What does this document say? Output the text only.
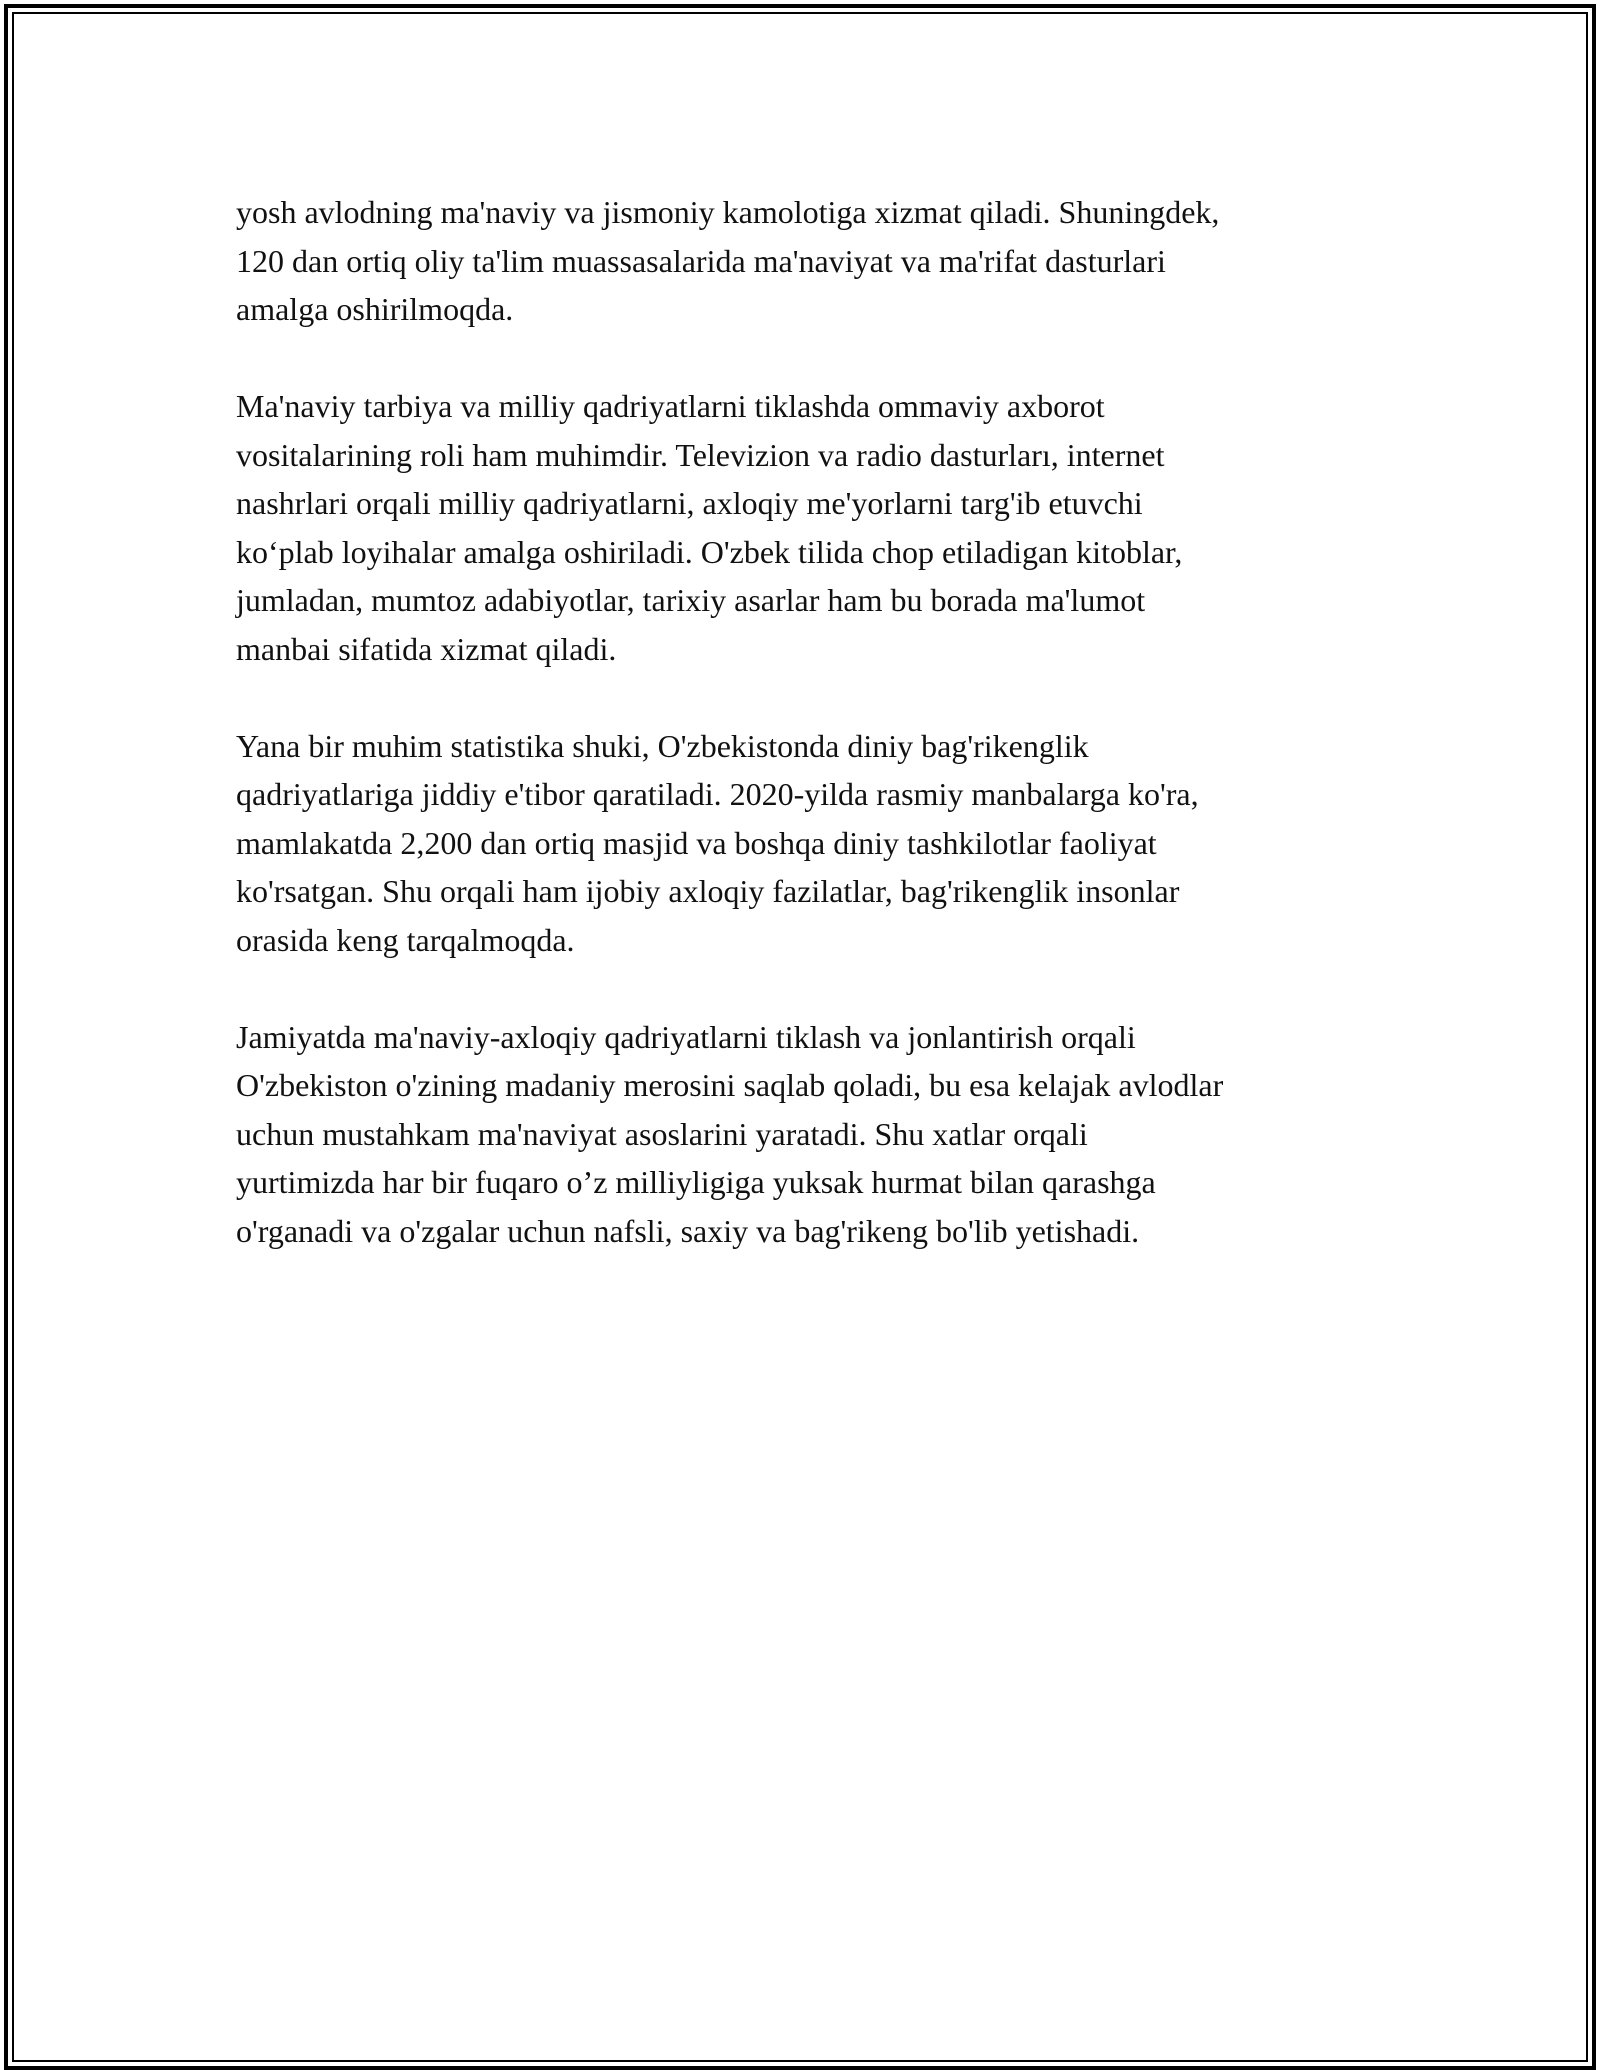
yosh avlodning ma'naviy va jismoniy kamolotiga xizmat qiladi. Shuningdek,
120 dan ortiq oliy ta'lim muassasalarida ma'naviyat va ma'rifat dasturlari
amalga oshirilmoqda.

Ma'naviy tarbiya va milliy qadriyatlarni tiklashda ommaviy axborot
vositalarining roli ham muhimdir. Televizion va radio dasturları, internet
nashrlari orqali milliy qadriyatlarni, axloqiy me'yorlarni targ'ib etuvchi
ko‘plab loyihalar amalga oshiriladi. O'zbek tilida chop etiladigan kitoblar,
jumladan, mumtoz adabiyotlar, tarixiy asarlar ham bu borada ma'lumot
manbai sifatida xizmat qiladi.

Yana bir muhim statistika shuki, O'zbekistonda diniy bag'rikenglik
qadriyatlariga jiddiy e'tibor qaratiladi. 2020-yilda rasmiy manbalarga ko'ra,
mamlakatda 2,200 dan ortiq masjid va boshqa diniy tashkilotlar faoliyat
ko'rsatgan. Shu orqali ham ijobiy axloqiy fazilatlar, bag'rikenglik insonlar
orasida keng tarqalmoqda.

Jamiyatda ma'naviy-axloqiy qadriyatlarni tiklash va jonlantirish orqali
O'zbekiston o'zining madaniy merosini saqlab qoladi, bu esa kelajak avlodlar
uchun mustahkam ma'naviyat asoslarini yaratadi. Shu xatlar orqali
yurtimizda har bir fuqaro o’z milliyligiga yuksak hurmat bilan qarashga
o'rganadi va o'zgalar uchun nafsli, saxiy va bag'rikeng bo'lib yetishadi.
